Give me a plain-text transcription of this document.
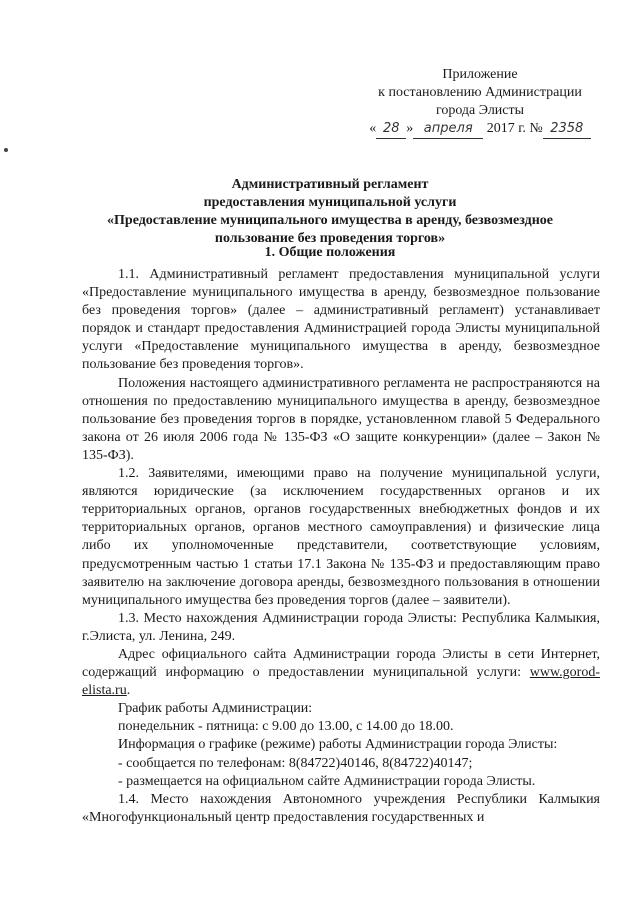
Приложение
к постановлению Администрации
города Элисты
« 28 » апреля 2017 г. № 2358
Административный регламент
предоставления муниципальной услуги
«Предоставление муниципального имущества в аренду, безвозмездное
пользование без проведения торгов»
1. Общие положения

1.1. Административный регламент предоставления муниципальной услуги «Предоставление муниципального имущества в аренду, безвозмездное пользование без проведения торгов» (далее – административный регламент) устанавливает порядок и стандарт предоставления Администрацией города Элисты муниципальной услуги «Предоставление муниципального имущества в аренду, безвозмездное пользование без проведения торгов».

Положения настоящего административного регламента не распространяются на отношения по предоставлению муниципального имущества в аренду, безвозмездное пользование без проведения торгов в порядке, установленном главой 5 Федерального закона от 26 июля 2006 года № 135-ФЗ «О защите конкуренции» (далее – Закон № 135-ФЗ).

1.2. Заявителями, имеющими право на получение муниципальной услуги, являются юридические (за исключением государственных органов и их территориальных органов, органов государственных внебюджетных фондов и их территориальных органов, органов местного самоуправления) и физические лица либо их уполномоченные представители, соответствующие условиям, предусмотренным частью 1 статьи 17.1 Закона № 135-ФЗ и предоставляющим право заявителю на заключение договора аренды, безвозмездного пользования в отношении муниципального имущества без проведения торгов (далее – заявители).

1.3. Место нахождения Администрации города Элисты: Республика Калмыкия, г.Элиста, ул. Ленина, 249.

Адрес официального сайта Администрации города Элисты в сети Интернет, содержащий информацию о предоставлении муниципальной услуги: www.gorod-elista.ru.

График работы Администрации:

понедельник - пятница: с 9.00 до 13.00, с 14.00 до 18.00.

Информация о графике (режиме) работы Администрации города Элисты:

- сообщается по телефонам: 8(84722)40146, 8(84722)40147;

- размещается на официальном сайте Администрации города Элисты.

1.4. Место нахождения Автономного учреждения Республики Калмыкия «Многофункциональный центр предоставления государственных и
